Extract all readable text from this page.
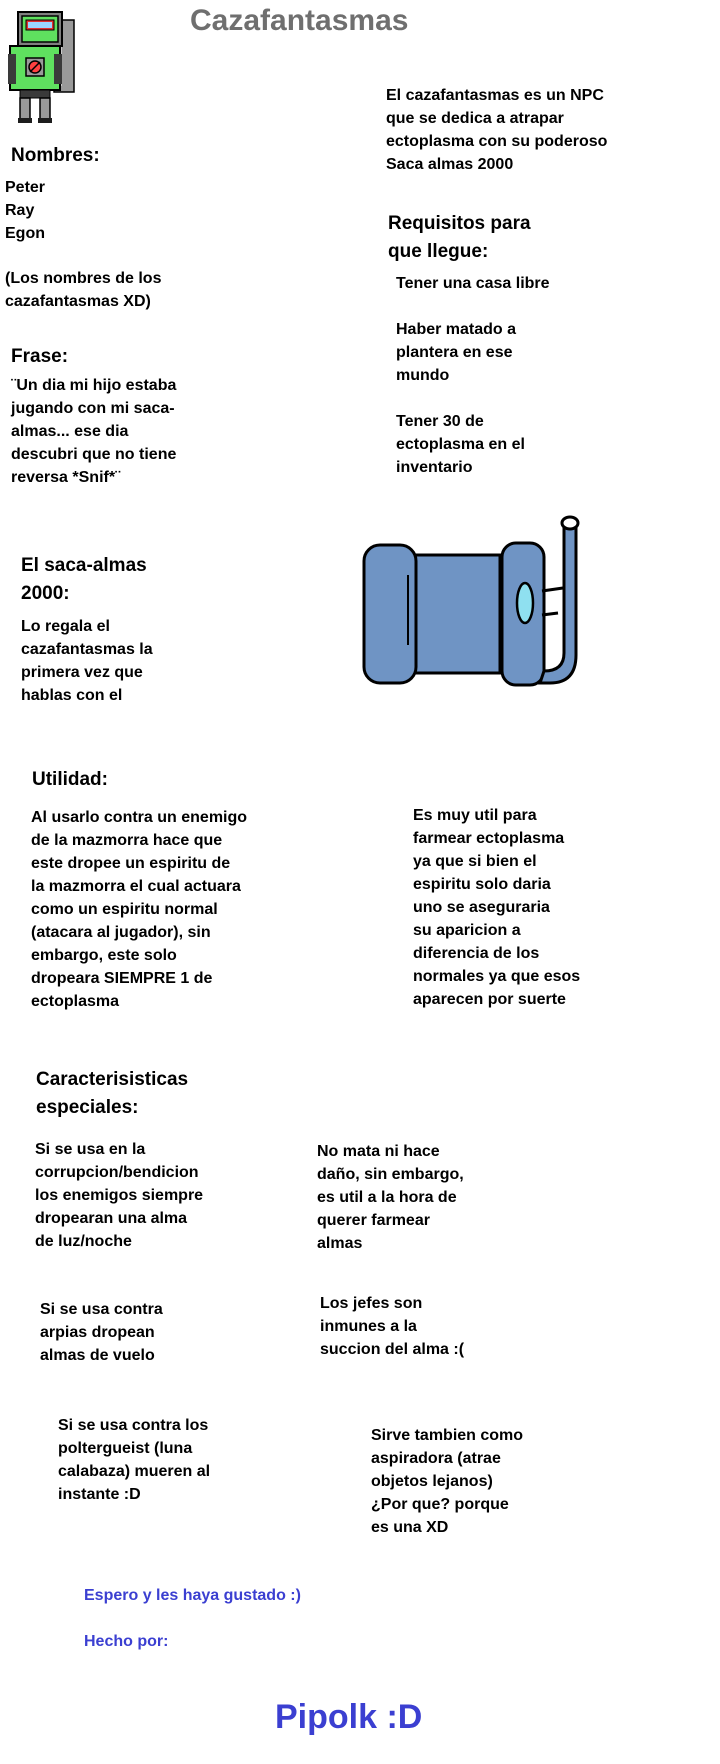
Cazafantasmas
El cazafantasmas es un NPC
que se dedica a atrapar
ectoplasma con su poderoso
Saca almas 2000
Nombres:
Peter
Ray
Egon
(Los nombres de los
cazafantasmas XD)
Requisitos para
que llegue:
Tener una casa libre
Haber matado a
plantera en ese
mundo
Tener 30 de
ectoplasma en el
inventario
Frase:
¨Un dia mi hijo estaba
jugando con mi saca-
almas... ese dia
descubri que no tiene
reversa *Snif*¨
El saca-almas
2000:
Lo regala el
cazafantasmas la
primera vez que
hablas con el
Utilidad:
Al usarlo contra un enemigo
de la mazmorra hace que
este dropee un espiritu de
la mazmorra el cual actuara
como un espiritu normal
(atacara al jugador), sin
embargo, este solo
dropeara SIEMPRE 1 de
ectoplasma
Es muy util para
farmear ectoplasma
ya que si bien el
espiritu solo daria
uno se aseguraria
su aparicion a
diferencia de los
normales ya que esos
aparecen por suerte
Caracterisisticas
especiales:
Si se usa en la
corrupcion/bendicion
los enemigos siempre
dropearan una alma
de luz/noche
No mata ni hace
daño, sin embargo,
es util a la hora de
querer farmear
almas
Si se usa contra
arpias dropean
almas de vuelo
Los jefes son
inmunes a la
succion del alma :(
Si se usa contra los
poltergueist (luna
calabaza) mueren al
instante :D
Sirve tambien como
aspiradora (atrae
objetos lejanos)
¿Por que? porque
es una XD
Espero y les haya gustado :)
Hecho por:
Pipolk :D
